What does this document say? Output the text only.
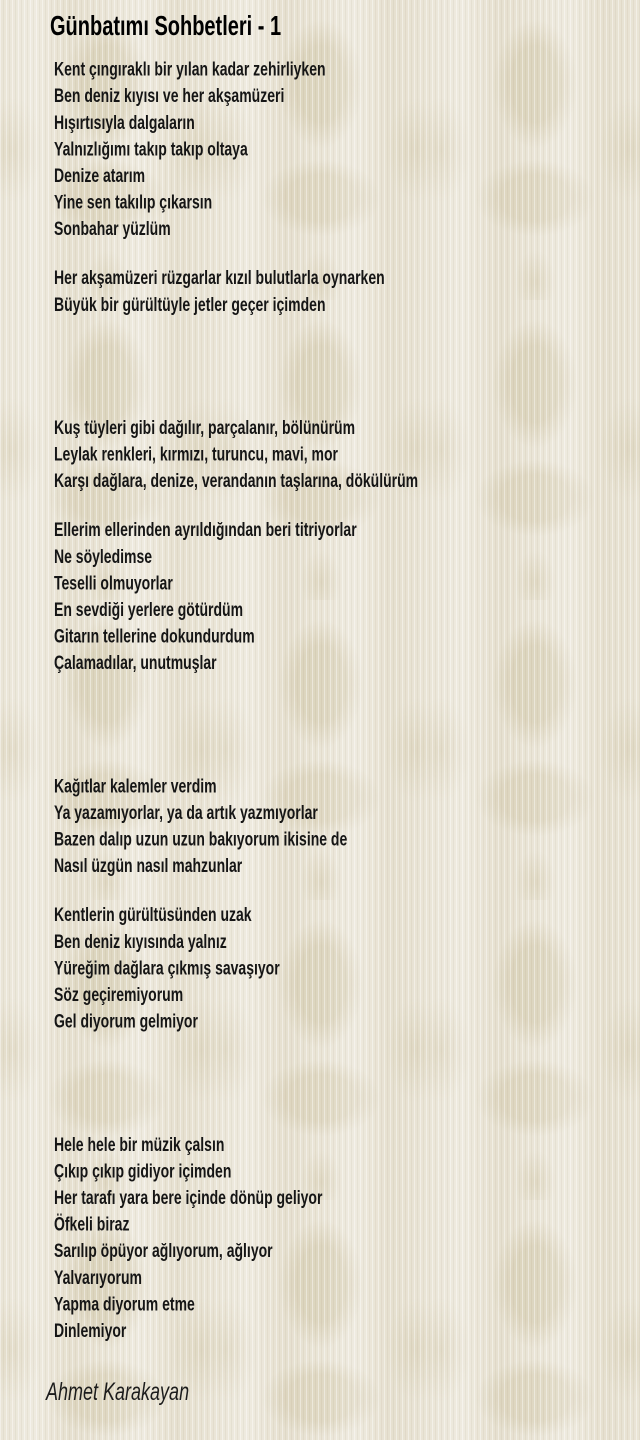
Günbatımı Sohbetleri - 1
Kent çıngıraklı bir yılan kadar zehirliyken
Ben deniz kıyısı ve her akşamüzeri
Hışırtısıyla dalgaların
Yalnızlığımı takıp takıp oltaya
Denize atarım
Yine sen takılıp çıkarsın
Sonbahar yüzlüm
Her akşamüzeri rüzgarlar kızıl bulutlarla oynarken
Büyük bir gürültüyle jetler geçer içimden
Kuş tüyleri gibi dağılır, parçalanır, bölünürüm
Leylak renkleri, kırmızı, turuncu, mavi, mor
Karşı dağlara, denize, verandanın taşlarına, dökülürüm
Ellerim ellerinden ayrıldığından beri titriyorlar
Ne söyledimse
Teselli olmuyorlar
En sevdiği yerlere götürdüm
Gitarın tellerine dokundurdum
Çalamadılar, unutmuşlar
Kağıtlar kalemler verdim
Ya yazamıyorlar, ya da artık yazmıyorlar
Bazen dalıp uzun uzun bakıyorum ikisine de
Nasıl üzgün nasıl mahzunlar
Kentlerin gürültüsünden uzak
Ben deniz kıyısında yalnız
Yüreğim dağlara çıkmış savaşıyor
Söz geçiremiyorum
Gel diyorum gelmiyor
Hele hele bir müzik çalsın
Çıkıp çıkıp gidiyor içimden
Her tarafı yara bere içinde dönüp geliyor
Öfkeli biraz
Sarılıp öpüyor ağlıyorum, ağlıyor
Yalvarıyorum
Yapma diyorum etme
Dinlemiyor
Ahmet Karakayan
